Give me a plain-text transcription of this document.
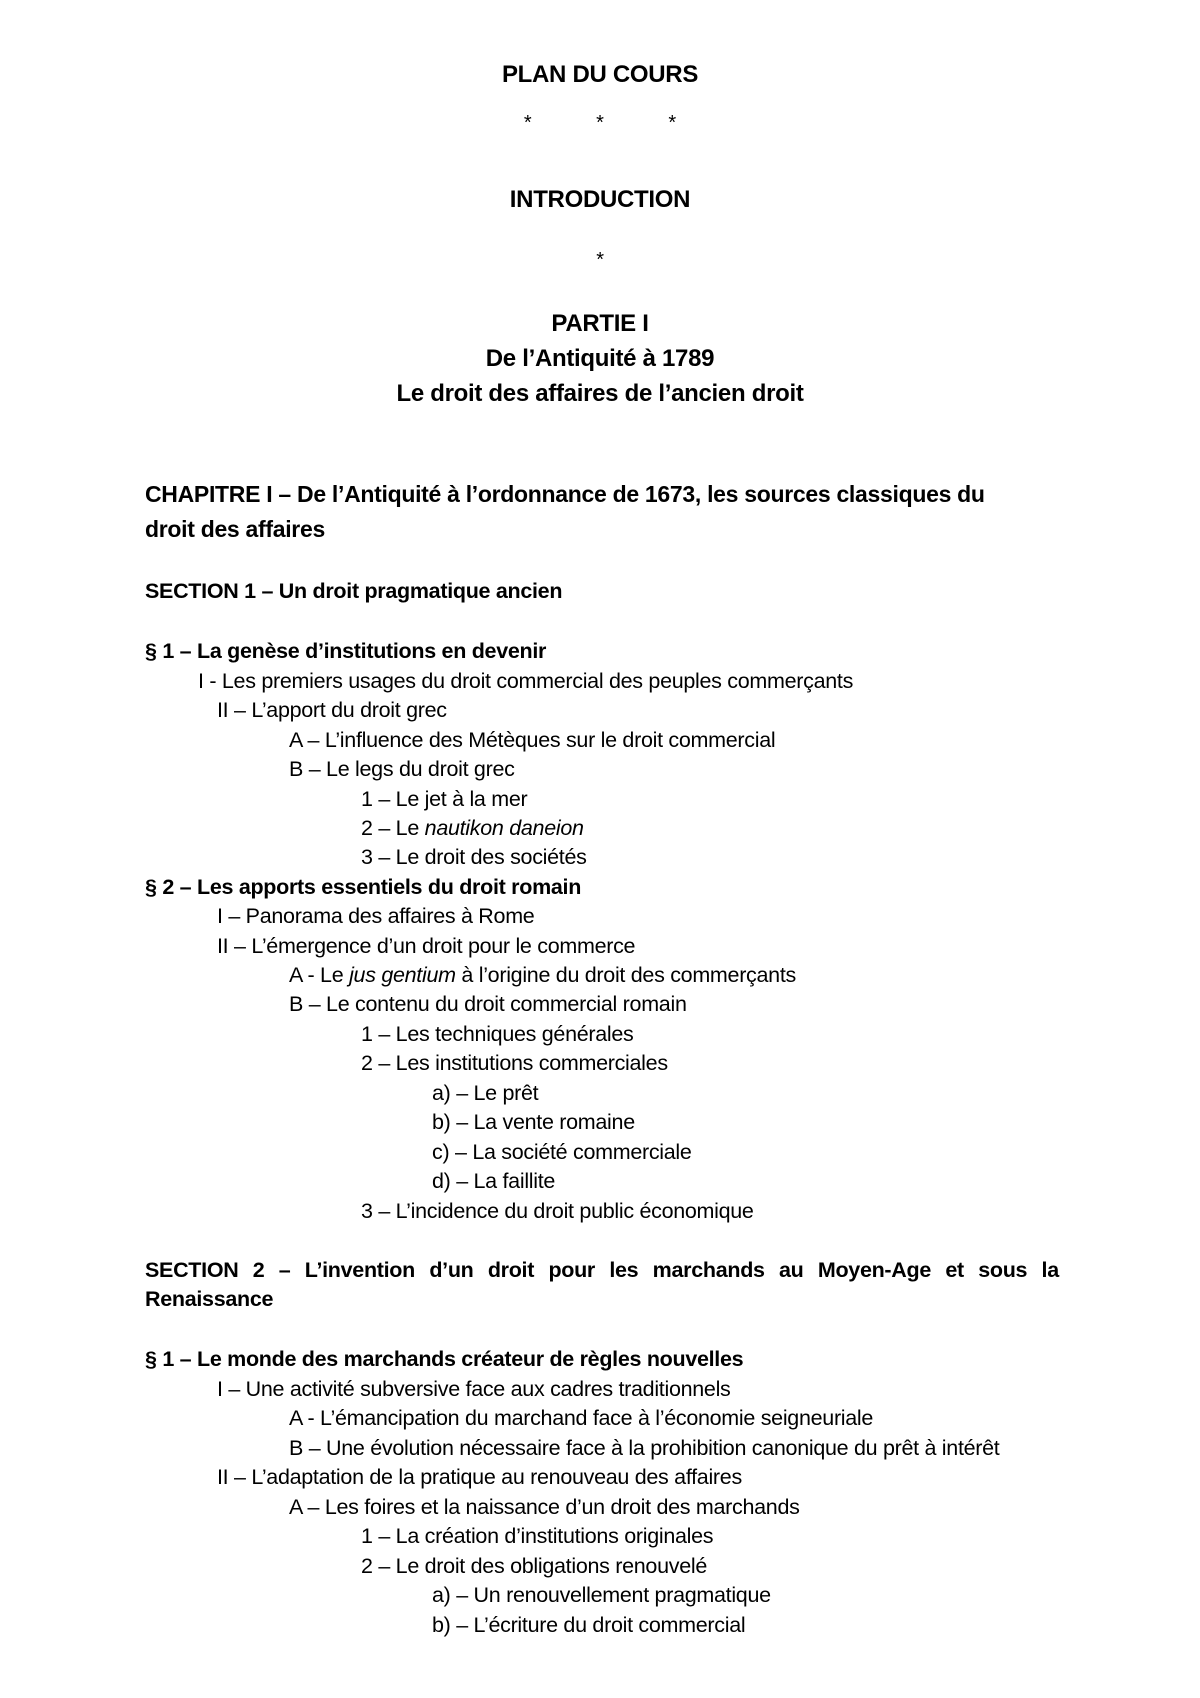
PLAN DU COURS
*	*	*
INTRODUCTION
*
PARTIE I
De l’Antiquité à 1789
Le droit des affaires de l’ancien droit
CHAPITRE I – De l’Antiquité à l’ordonnance de 1673, les sources classiques du
droit des affaires
SECTION 1 – Un droit pragmatique ancien
§ 1 – La genèse d’institutions en devenir
I - Les premiers usages du droit commercial des peuples commerçants
II – L’apport du droit grec
A – L’influence des Métèques sur le droit commercial
B – Le legs du droit grec
1 – Le jet à la mer
2 – Le nautikon daneion
3 – Le droit des sociétés
§ 2 – Les apports essentiels du droit romain
I – Panorama des affaires à Rome
II – L’émergence d’un droit pour le commerce
A - Le jus gentium à l’origine du droit des commerçants
B – Le contenu du droit commercial romain
1 – Les techniques générales
2 – Les institutions commerciales
a) – Le prêt
b) – La vente romaine
c) – La société commerciale
d) – La faillite
3 – L’incidence du droit public économique
SECTION 2 – L’invention d’un droit pour les marchands au Moyen-Age et sous la
Renaissance
§ 1 – Le monde des marchands créateur de règles nouvelles
I – Une activité subversive face aux cadres traditionnels
A - L’émancipation du marchand face à l’économie seigneuriale
B – Une évolution nécessaire face à la prohibition canonique du prêt à intérêt
II – L’adaptation de la pratique au renouveau des affaires
A – Les foires et la naissance d’un droit des marchands
1 – La création d’institutions originales
2 – Le droit des obligations renouvelé
a) – Un renouvellement pragmatique
b) – L’écriture du droit commercial
